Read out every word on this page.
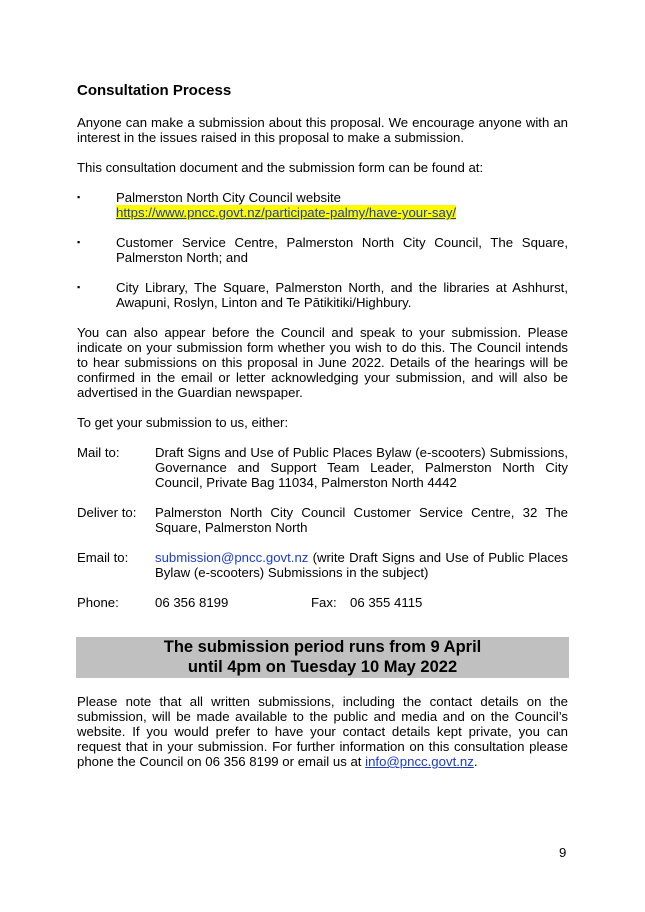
Consultation Process

Anyone can make a submission about this proposal. We encourage anyone with an interest in the issues raised in this proposal to make a submission.

This consultation document and the submission form can be found at:

▪	Palmerston North City Council website
https://www.pncc.govt.nz/participate-palmy/have-your-say/
▪	Customer Service Centre, Palmerston North City Council, The Square, Palmerston North; and
▪	City Library, The Square, Palmerston North, and the libraries at Ashhurst, Awapuni, Roslyn, Linton and Te Pātikitiki/Highbury.

You can also appear before the Council and speak to your submission. Please indicate on your submission form whether you wish to do this. The Council intends to hear submissions on this proposal in June 2022. Details of the hearings will be confirmed in the email or letter acknowledging your submission, and will also be advertised in the Guardian newspaper.

To get your submission to us, either:

Mail to:	Draft Signs and Use of Public Places Bylaw (e-scooters) Submissions, Governance and Support Team Leader, Palmerston North City Council, Private Bag 11034, Palmerston North 4442
Deliver to: Palmerston North City Council Customer Service Centre, 32 The Square, Palmerston North
Email to: submission@pncc.govt.nz (write Draft Signs and Use of Public Places Bylaw (e-scooters) Submissions in the subject)
Phone:	06 356 8199	Fax: 06 355 4115

Please note that all written submissions, including the contact details on the submission, will be made available to the public and media and on the Council’s website. If you would prefer to have your contact details kept private, you can request that in your submission. For further information on this consultation please phone the Council on 06 356 8199 or email us at info@pncc.govt.nz.

The submission period runs from 9 April
until 4pm on Tuesday 10 May 2022
9
